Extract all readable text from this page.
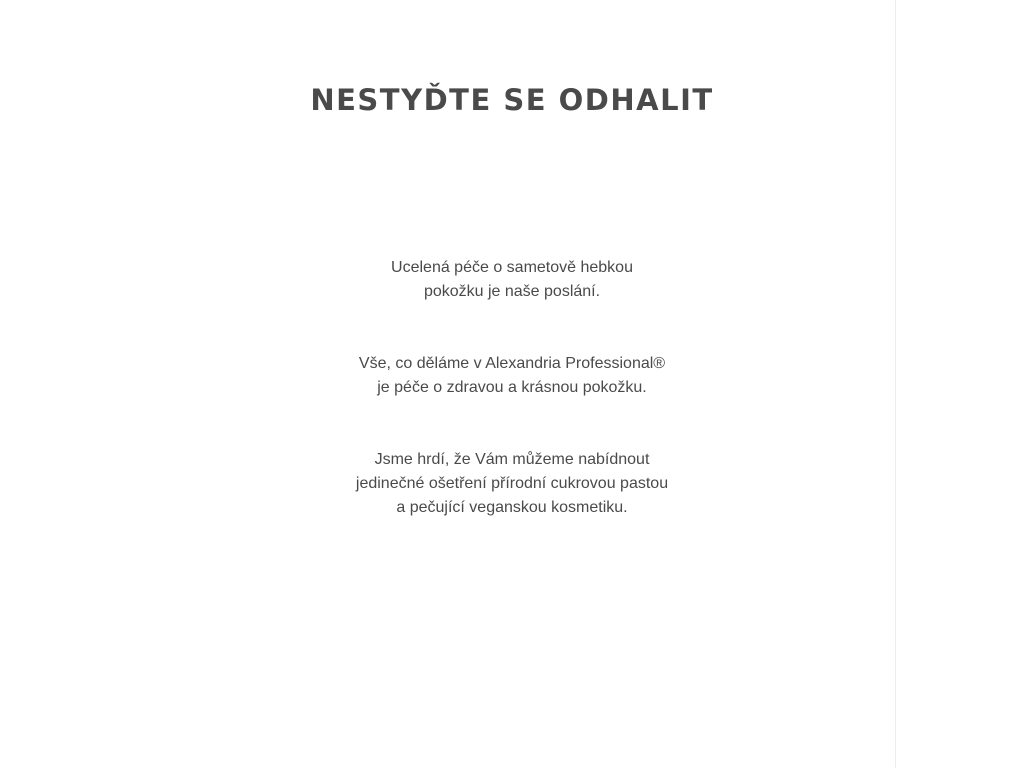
NESTYĎTE SE ODHALIT
Ucelená péče o sametově hebkou
pokožku je naše poslání.
Vše, co děláme v Alexandria Professional®
je péče o zdravou a krásnou pokožku.
Jsme hrdí, že Vám můžeme nabídnout
jedinečné ošetření přírodní cukrovou pastou
a pečující veganskou kosmetiku.
